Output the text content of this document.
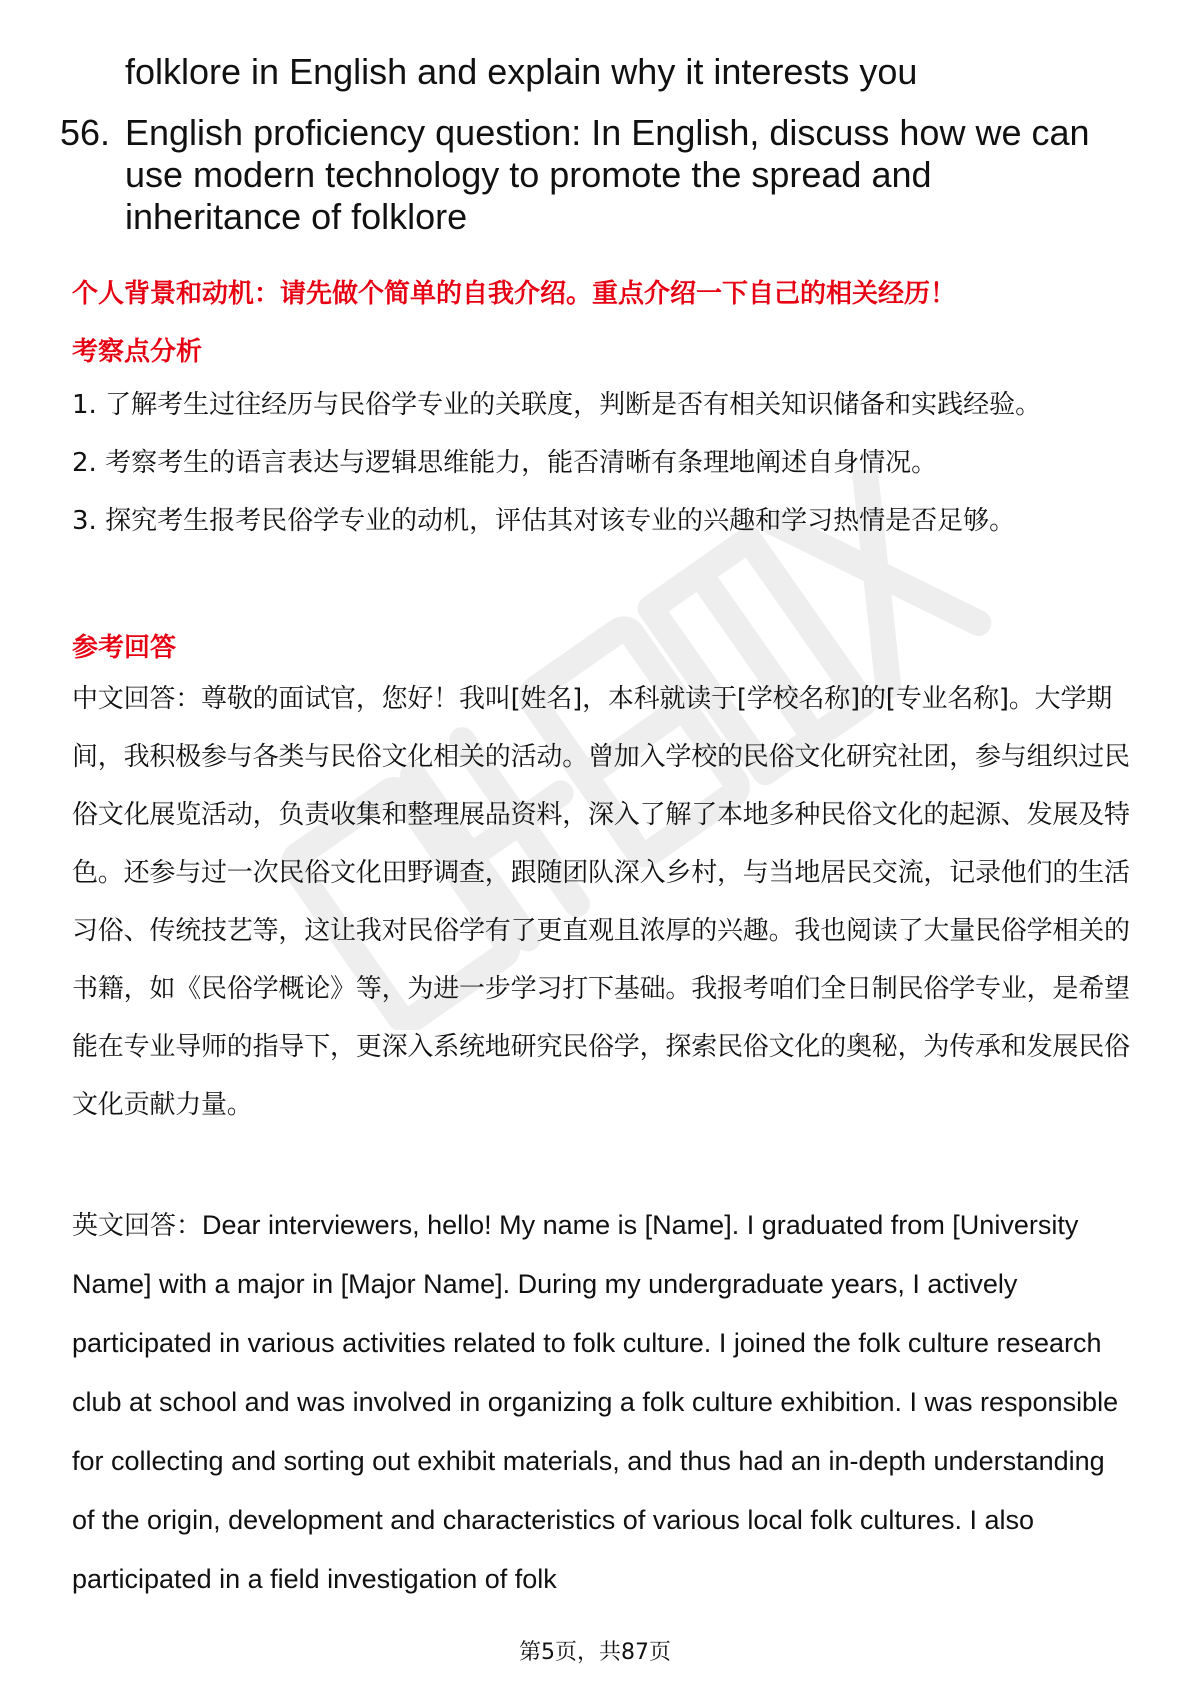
folklore in English and explain why it interests you
56. English proficiency question: In English, discuss how we can use modern technology to promote the spread and inheritance of folklore
个人背景和动机：请先做个简单的自我介绍。重点介绍一下自己的相关经历！
考察点分析
1. 了解考生过往经历与民俗学专业的关联度，判断是否有相关知识储备和实践经验。
2. 考察考生的语言表达与逻辑思维能力，能否清晰有条理地阐述自身情况。
3. 探究考生报考民俗学专业的动机，评估其对该专业的兴趣和学习热情是否足够。
参考回答
中文回答：尊敬的面试官，您好！我叫[姓名]，本科就读于[学校名称]的[专业名称]。大学期间，我积极参与各类与民俗文化相关的活动。曾加入学校的民俗文化研究社团，参与组织过民俗文化展览活动，负责收集和整理展品资料，深入了解了本地多种民俗文化的起源、发展及特色。还参与过一次民俗文化田野调查，跟随团队深入乡村，与当地居民交流，记录他们的生活习俗、传统技艺等，这让我对民俗学有了更直观且浓厚的兴趣。我也阅读了大量民俗学相关的书籍，如《民俗学概论》等，为进一步学习打下基础。我报考咱们全日制民俗学专业，是希望能在专业导师的指导下，更深入系统地研究民俗学，探索民俗文化的奥秘，为传承和发展民俗文化贡献力量。
英文回答：Dear interviewers, hello! My name is [Name]. I graduated from [University Name] with a major in [Major Name]. During my undergraduate years, I actively participated in various activities related to folk culture. I joined the folk culture research club at school and was involved in organizing a folk culture exhibition. I was responsible for collecting and sorting out exhibit materials, and thus had an in-depth understanding of the origin, development and characteristics of various local folk cultures. I also participated in a field investigation of folk
第5页，共87页
